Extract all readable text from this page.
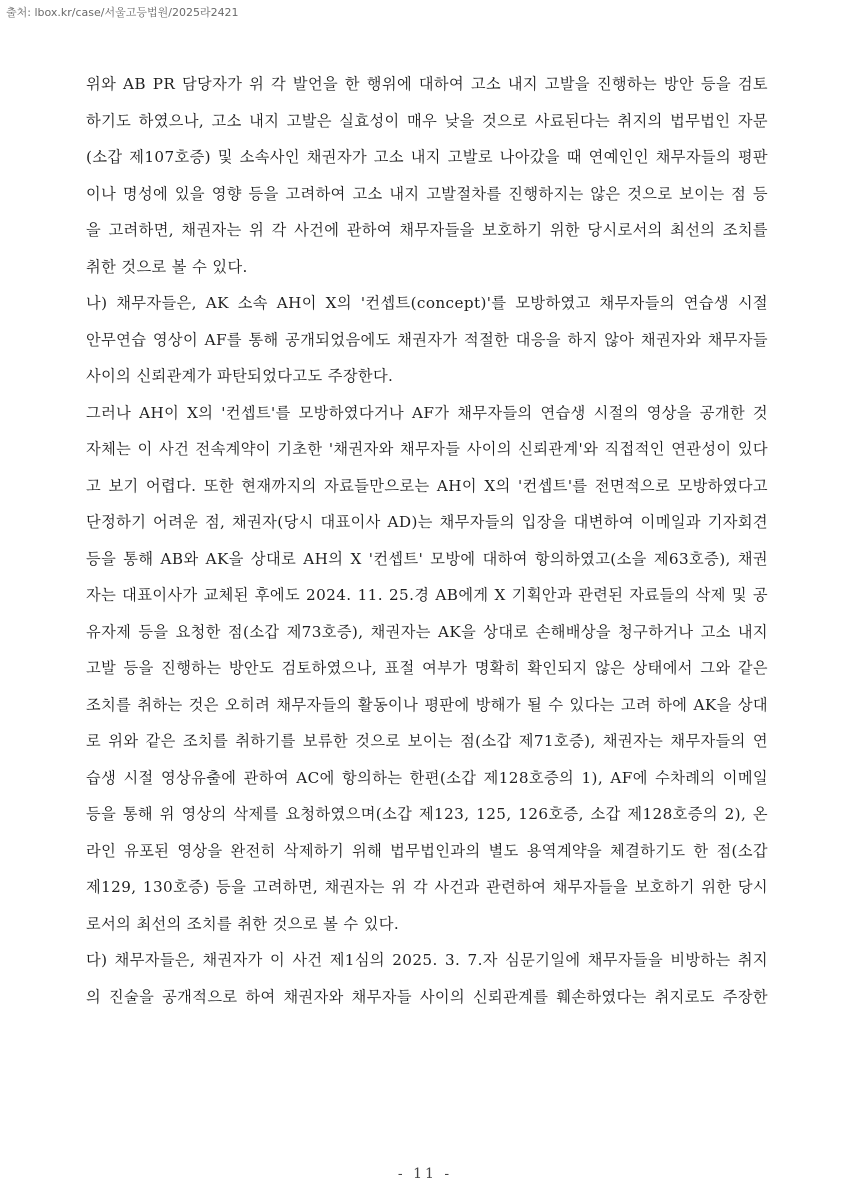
출처: lbox.kr/case/서울고등법원/2025라2421
위와 AB PR 담당자가 위 각 발언을 한 행위에 대하여 고소 내지 고발을 진행하는 방안 등을 검토
하기도 하였으나, 고소 내지 고발은 실효성이 매우 낮을 것으로 사료된다는 취지의 법무법인 자문
(소갑 제107호증) 및 소속사인 채권자가 고소 내지 고발로 나아갔을 때 연예인인 채무자들의 평판
이나 명성에 있을 영향 등을 고려하여 고소 내지 고발절차를 진행하지는 않은 것으로 보이는 점 등
을 고려하면, 채권자는 위 각 사건에 관하여 채무자들을 보호하기 위한 당시로서의 최선의 조치를
취한 것으로 볼 수 있다.
나) 채무자들은, AK 소속 AH이 X의 '컨셉트(concept)'를 모방하였고 채무자들의 연습생 시절
안무연습 영상이 AF를 통해 공개되었음에도 채권자가 적절한 대응을 하지 않아 채권자와 채무자들
사이의 신뢰관계가 파탄되었다고도 주장한다.
그러나 AH이 X의 '컨셉트'를 모방하였다거나 AF가 채무자들의 연습생 시절의 영상을 공개한 것
자체는 이 사건 전속계약이 기초한 '채권자와 채무자들 사이의 신뢰관계'와 직접적인 연관성이 있다
고 보기 어렵다. 또한 현재까지의 자료들만으로는 AH이 X의 '컨셉트'를 전면적으로 모방하였다고
단정하기 어려운 점, 채권자(당시 대표이사 AD)는 채무자들의 입장을 대변하여 이메일과 기자회견
등을 통해 AB와 AK을 상대로 AH의 X '컨셉트' 모방에 대하여 항의하였고(소을 제63호증), 채권
자는 대표이사가 교체된 후에도 2024. 11. 25.경 AB에게 X 기획안과 관련된 자료들의 삭제 및 공
유자제 등을 요청한 점(소갑 제73호증), 채권자는 AK을 상대로 손해배상을 청구하거나 고소 내지
고발 등을 진행하는 방안도 검토하였으나, 표절 여부가 명확히 확인되지 않은 상태에서 그와 같은
조치를 취하는 것은 오히려 채무자들의 활동이나 평판에 방해가 될 수 있다는 고려 하에 AK을 상대
로 위와 같은 조치를 취하기를 보류한 것으로 보이는 점(소갑 제71호증), 채권자는 채무자들의 연
습생 시절 영상유출에 관하여 AC에 항의하는 한편(소갑 제128호증의 1), AF에 수차례의 이메일
등을 통해 위 영상의 삭제를 요청하였으며(소갑 제123, 125, 126호증, 소갑 제128호증의 2), 온
라인 유포된 영상을 완전히 삭제하기 위해 법무법인과의 별도 용역계약을 체결하기도 한 점(소갑
제129, 130호증) 등을 고려하면, 채권자는 위 각 사건과 관련하여 채무자들을 보호하기 위한 당시
로서의 최선의 조치를 취한 것으로 볼 수 있다.
다) 채무자들은, 채권자가 이 사건 제1심의 2025. 3. 7.자 심문기일에 채무자들을 비방하는 취지
의 진술을 공개적으로 하여 채권자와 채무자들 사이의 신뢰관계를 훼손하였다는 취지로도 주장한
- 11 -
